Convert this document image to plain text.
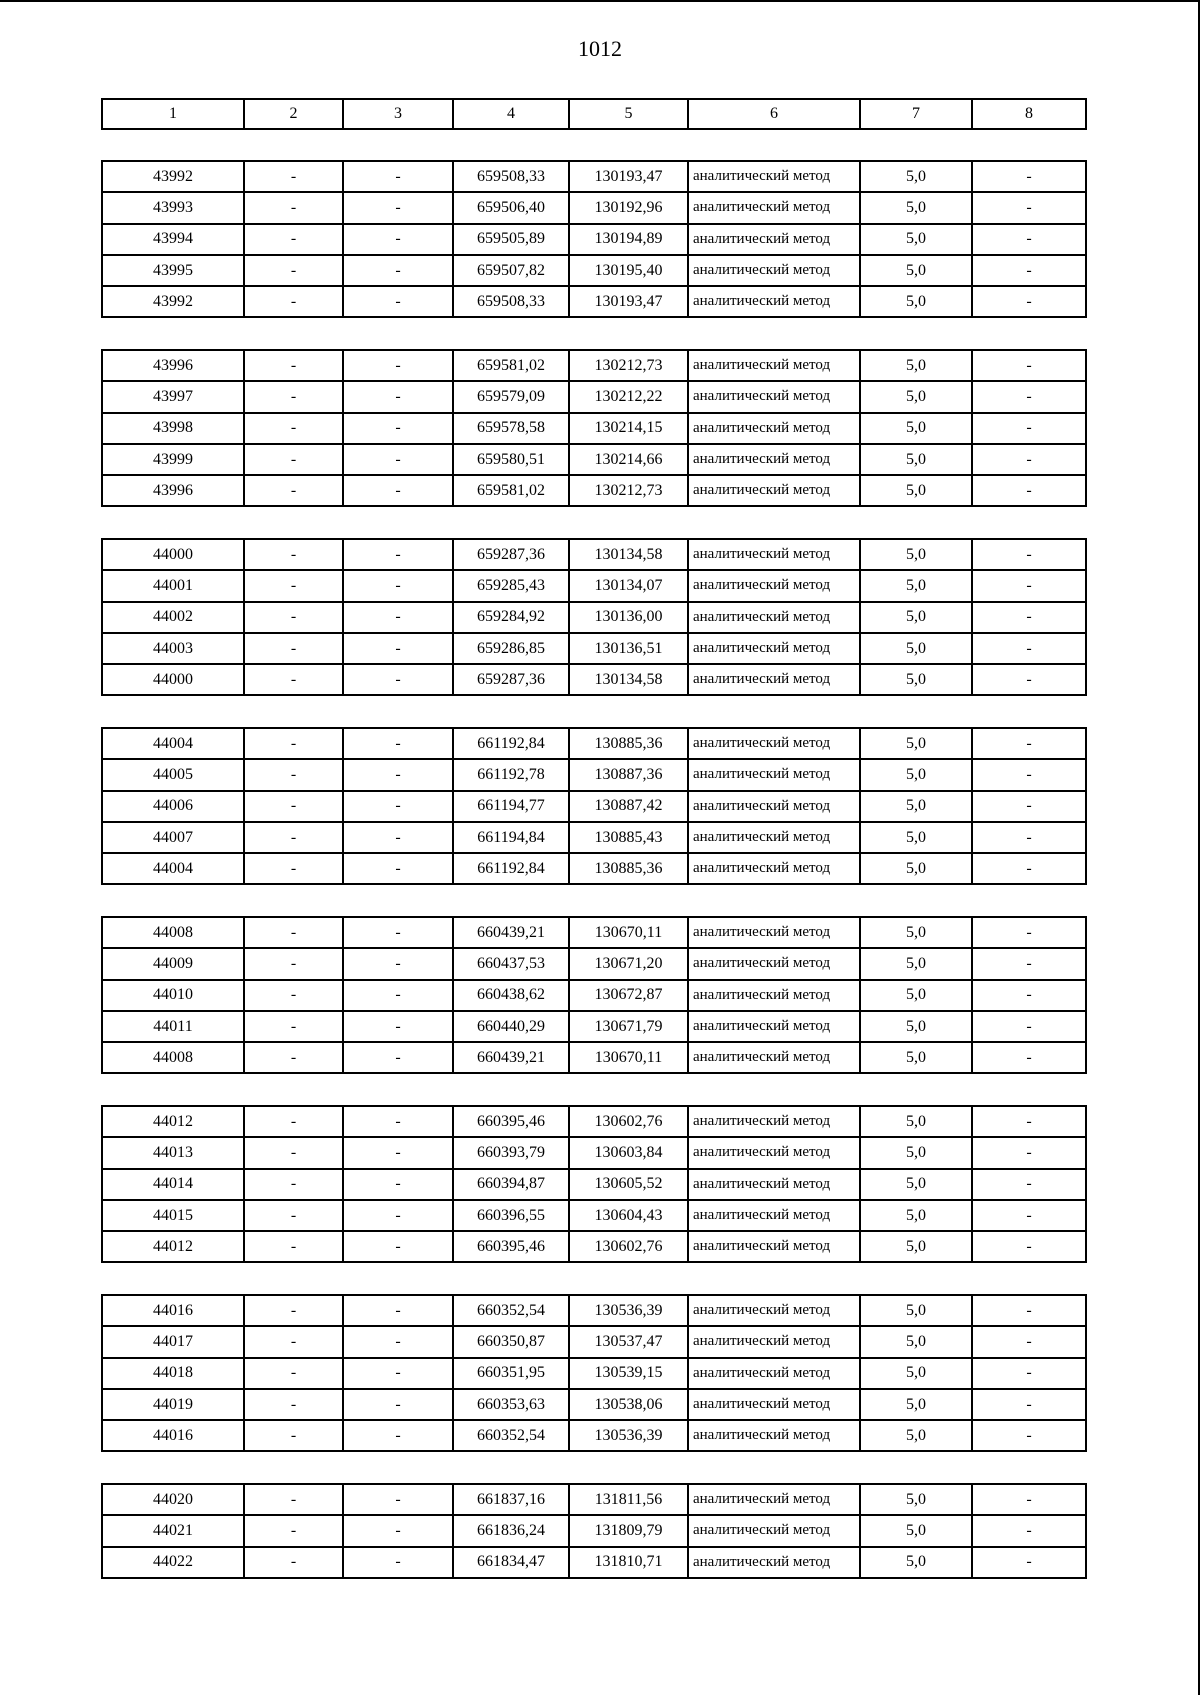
1012
1	2	3	4	5	6	7	8
43992	-	-	659508,33	130193,47	аналитический метод	5,0	-
43993	-	-	659506,40	130192,96	аналитический метод	5,0	-
43994	-	-	659505,89	130194,89	аналитический метод	5,0	-
43995	-	-	659507,82	130195,40	аналитический метод	5,0	-
43992	-	-	659508,33	130193,47	аналитический метод	5,0	-
43996	-	-	659581,02	130212,73	аналитический метод	5,0	-
43997	-	-	659579,09	130212,22	аналитический метод	5,0	-
43998	-	-	659578,58	130214,15	аналитический метод	5,0	-
43999	-	-	659580,51	130214,66	аналитический метод	5,0	-
43996	-	-	659581,02	130212,73	аналитический метод	5,0	-
44000	-	-	659287,36	130134,58	аналитический метод	5,0	-
44001	-	-	659285,43	130134,07	аналитический метод	5,0	-
44002	-	-	659284,92	130136,00	аналитический метод	5,0	-
44003	-	-	659286,85	130136,51	аналитический метод	5,0	-
44000	-	-	659287,36	130134,58	аналитический метод	5,0	-
44004	-	-	661192,84	130885,36	аналитический метод	5,0	-
44005	-	-	661192,78	130887,36	аналитический метод	5,0	-
44006	-	-	661194,77	130887,42	аналитический метод	5,0	-
44007	-	-	661194,84	130885,43	аналитический метод	5,0	-
44004	-	-	661192,84	130885,36	аналитический метод	5,0	-
44008	-	-	660439,21	130670,11	аналитический метод	5,0	-
44009	-	-	660437,53	130671,20	аналитический метод	5,0	-
44010	-	-	660438,62	130672,87	аналитический метод	5,0	-
44011	-	-	660440,29	130671,79	аналитический метод	5,0	-
44008	-	-	660439,21	130670,11	аналитический метод	5,0	-
44012	-	-	660395,46	130602,76	аналитический метод	5,0	-
44013	-	-	660393,79	130603,84	аналитический метод	5,0	-
44014	-	-	660394,87	130605,52	аналитический метод	5,0	-
44015	-	-	660396,55	130604,43	аналитический метод	5,0	-
44012	-	-	660395,46	130602,76	аналитический метод	5,0	-
44016	-	-	660352,54	130536,39	аналитический метод	5,0	-
44017	-	-	660350,87	130537,47	аналитический метод	5,0	-
44018	-	-	660351,95	130539,15	аналитический метод	5,0	-
44019	-	-	660353,63	130538,06	аналитический метод	5,0	-
44016	-	-	660352,54	130536,39	аналитический метод	5,0	-
44020	-	-	661837,16	131811,56	аналитический метод	5,0	-
44021	-	-	661836,24	131809,79	аналитический метод	5,0	-
44022	-	-	661834,47	131810,71	аналитический метод	5,0	-
